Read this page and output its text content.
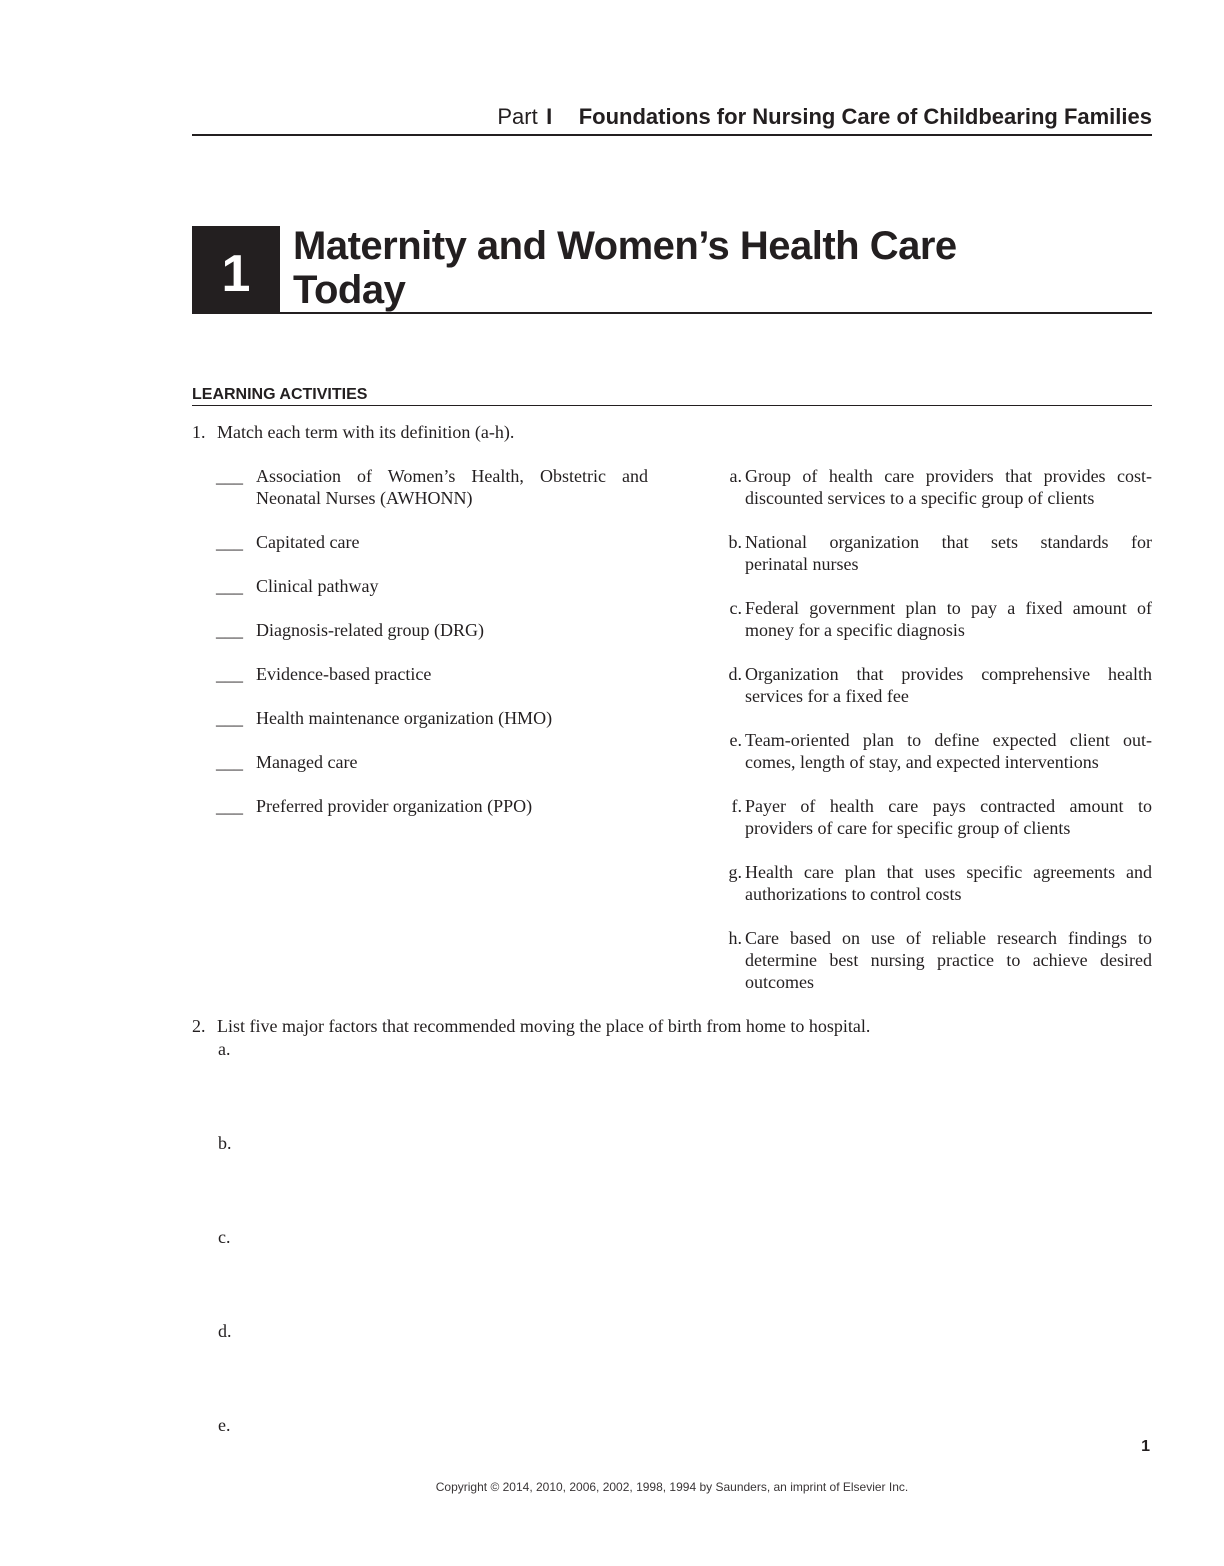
Part I Foundations for Nursing Care of Childbearing Families
1	Maternity and Women’s Health Care
Today
LEARNING ACTIVITIES
1. Match each term with its definition (a-h).
___ Association of Women’s Health, Obstetric and
Neonatal Nurses (AWHONN)
___ Capitated care
___ Clinical pathway
___ Diagnosis-related group (DRG)
___ Evidence-based practice
___ Health maintenance organization (HMO)
___ Managed care
___ Preferred provider organization (PPO)
a. Group of health care providers that provides cost-
discounted services to a specific group of clients
b. National organization that sets standards for
perinatal nurses
c. Federal government plan to pay a fixed amount of
money for a specific diagnosis
d. Organization that provides comprehensive health
services for a fixed fee
e. Team-oriented plan to define expected client out-
comes, length of stay, and expected interventions
f. Payer of health care pays contracted amount to
providers of care for specific group of clients
g. Health care plan that uses specific agreements and
authorizations to control costs
h. Care based on use of reliable research findings to
determine best nursing practice to achieve desired
outcomes
2. List five major factors that recommended moving the place of birth from home to hospital.
a.
b.
c.
d.
e.
1
Copyright © 2014, 2010, 2006, 2002, 1998, 1994 by Saunders, an imprint of Elsevier Inc.
